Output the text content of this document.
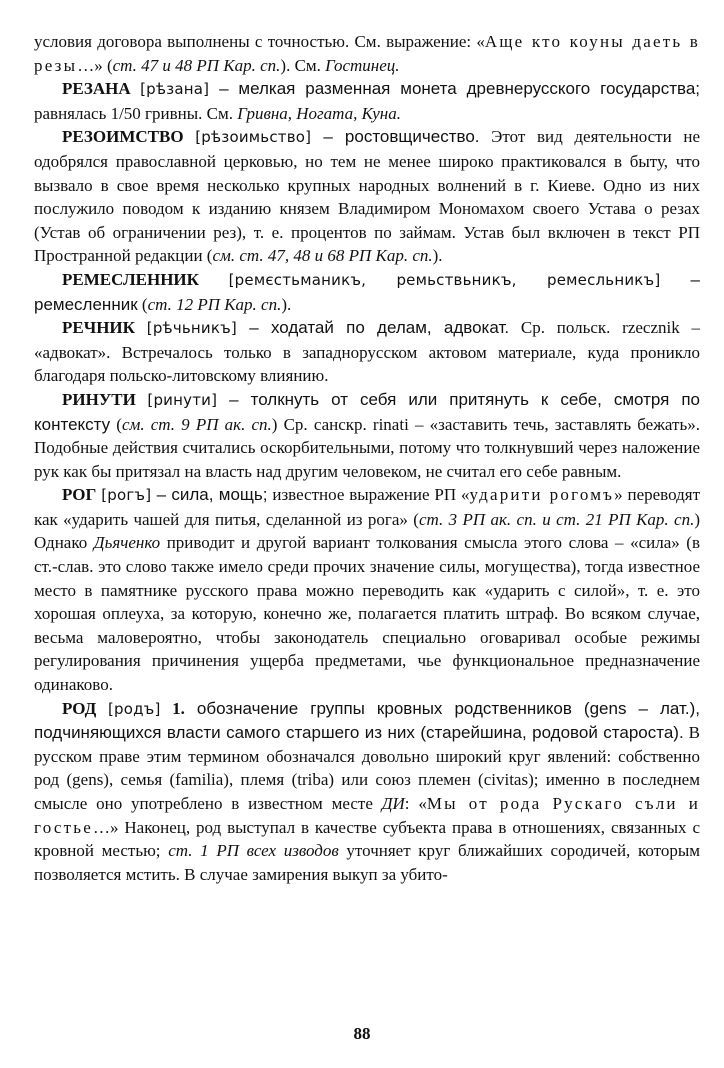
условия договора выполнены с точностью. См. выражение: «Аще кто коуны даеть в резы…» (ст. 47 и 48 РП Кар. сп.). См. Гостинец.

РЕЗАНА [рѣзана] – мелкая разменная монета древнерусского государства; равнялась 1/50 гривны. См. Гривна, Ногата, Куна.

РЕЗОИМСТВО [рѣзоимьство] – ростовщичество. Этот вид деятельности не одобрялся православной церковью, но тем не менее широко практиковался в быту, что вызвало в свое время несколько крупных народных волнений в г. Киеве. Одно из них послужило поводом к изданию князем Владимиром Мономахом своего Устава о резах (Устав об ограничении рез), т. е. процентов по займам. Устав был включен в текст РП Пространной редакции (см. ст. 47, 48 и 68 РП Кар. сп.).

РЕМЕСЛЕННИК [ремєстьманикъ, ремьствьникъ, ремесльникъ] – ремесленник (ст. 12 РП Кар. сп.).

РЕЧНИК [рѣчьникъ] – ходатай по делам, адвокат. Ср. польск. rzecznik – «адвокат». Встречалось только в западнорусском актовом материале, куда проникло благодаря польско-литовскому влиянию.

РИНУТИ [ринути] – толкнуть от себя или притянуть к себе, смотря по контексту (см. ст. 9 РП ак. сп.) Ср. санскр. rinati – «заставить течь, заставлять бежать». Подобные действия считались оскорбительными, потому что толкнувший через наложение рук как бы притязал на власть над другим человеком, не считал его себе равным.

РОГ [рогъ] – сила, мощь; известное выражение РП «ударити рогомъ» переводят как «ударить чашей для питья, сделанной из рога» (ст. 3 РП ак. сп. и ст. 21 РП Кар. сп.) Однако Дьяченко приводит и другой вариант толкования смысла этого слова – «сила» (в ст.-слав. это слово также имело среди прочих значение силы, могущества), тогда известное место в памятнике русского права можно переводить как «ударить с силой», т. е. это хорошая оплеуха, за которую, конечно же, полагается платить штраф. Во всяком случае, весьма маловероятно, чтобы законодатель специально оговаривал особые режимы регулирования причинения ущерба предметами, чье функциональное предназначение одинаково.

РОД [родъ] 1. обозначение группы кровных родственников (gens – лат.), подчиняющихся власти самого старшего из них (старейшина, родовой староста). В русском праве этим термином обозначался довольно широкий круг явлений: собственно род (gens), семья (familia), племя (triba) или союз племен (civitas); именно в последнем смысле оно употреблено в известном месте ДИ: «Мы от рода Рускаго съли и гостье…» Наконец, род выступал в качестве субъекта права в отношениях, связанных с кровной местью; ст. 1 РП всех изводов уточняет круг ближайших сородичей, которым позволяется мстить. В случае замирения выкуп за убито-

88
